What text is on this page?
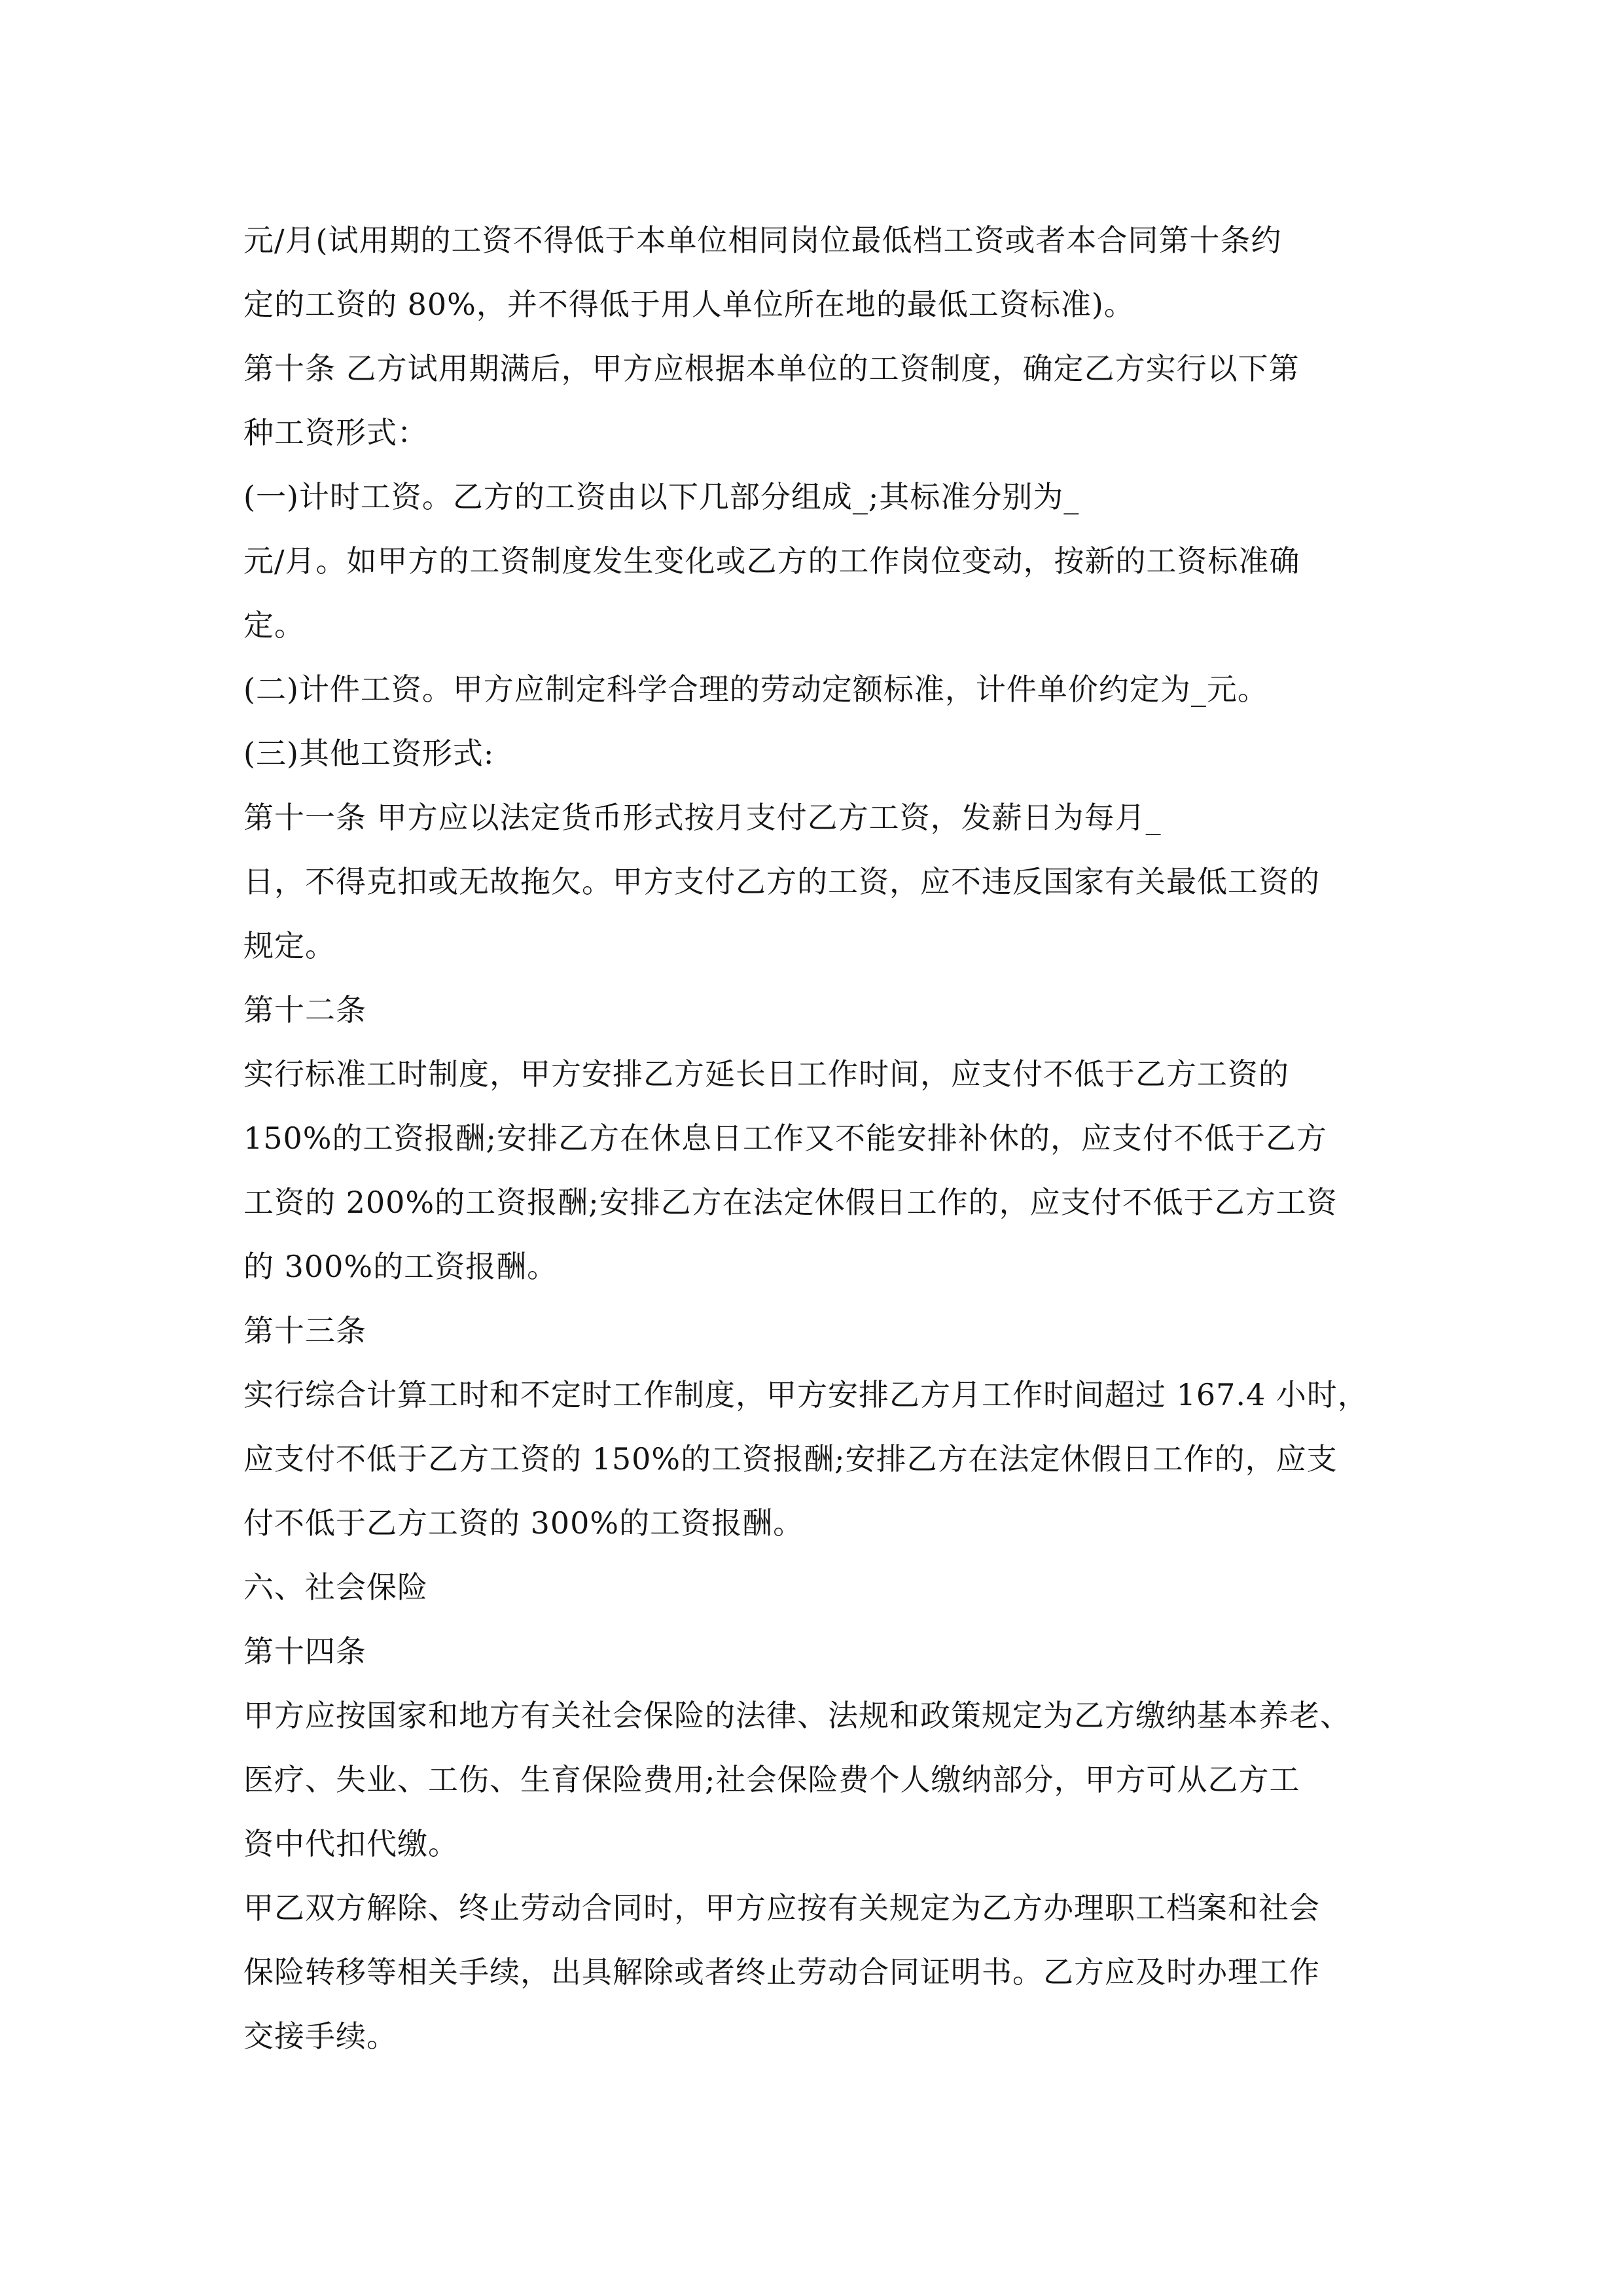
元/月(试用期的工资不得低于本单位相同岗位最低档工资或者本合同第十条约
定的工资的 80%，并不得低于用人单位所在地的最低工资标准)。
第十条 乙方试用期满后，甲方应根据本单位的工资制度，确定乙方实行以下第
种工资形式：
(一)计时工资。乙方的工资由以下几部分组成_;其标准分别为_
元/月。如甲方的工资制度发生变化或乙方的工作岗位变动，按新的工资标准确
定。
(二)计件工资。甲方应制定科学合理的劳动定额标准，计件单价约定为_元。
(三)其他工资形式:
第十一条 甲方应以法定货币形式按月支付乙方工资，发薪日为每月_
日，不得克扣或无故拖欠。甲方支付乙方的工资，应不违反国家有关最低工资的
规定。
第十二条
实行标准工时制度，甲方安排乙方延长日工作时间，应支付不低于乙方工资的
150%的工资报酬;安排乙方在休息日工作又不能安排补休的，应支付不低于乙方
工资的 200%的工资报酬;安排乙方在法定休假日工作的，应支付不低于乙方工资
的 300%的工资报酬。
第十三条
实行综合计算工时和不定时工作制度，甲方安排乙方月工作时间超过 167.4 小时，
应支付不低于乙方工资的 150%的工资报酬;安排乙方在法定休假日工作的，应支
付不低于乙方工资的 300%的工资报酬。
六、社会保险
第十四条
甲方应按国家和地方有关社会保险的法律、法规和政策规定为乙方缴纳基本养老、
医疗、失业、工伤、生育保险费用;社会保险费个人缴纳部分，甲方可从乙方工
资中代扣代缴。
甲乙双方解除、终止劳动合同时，甲方应按有关规定为乙方办理职工档案和社会
保险转移等相关手续，出具解除或者终止劳动合同证明书。乙方应及时办理工作
交接手续。
